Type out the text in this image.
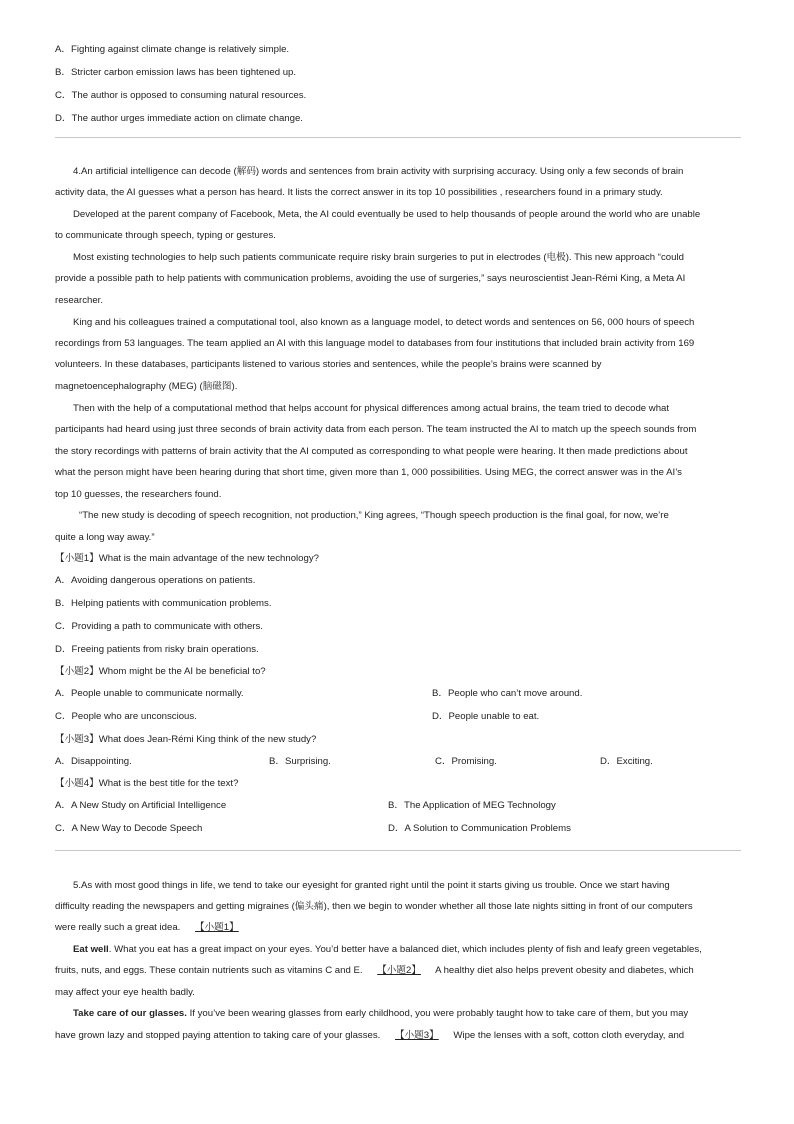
A．Fighting against climate change is relatively simple.
B．Stricter carbon emission laws has been tightened up.
C．The author is opposed to consuming natural resources.
D．The author urges immediate action on climate change.
4.An artificial intelligence can decode (解码) words and sentences from brain activity with surprising accuracy. Using only a few seconds of brain
activity data, the AI guesses what a person has heard. It lists the correct answer in its top 10 possibilities , researchers found in a primary study.
Developed at the parent company of Facebook, Meta, the AI could eventually be used to help thousands of people around the world who are unable
to communicate through speech, typing or gestures.
Most existing technologies to help such patients communicate require risky brain surgeries to put in electrodes (电极). This new approach “could
provide a possible path to help patients with communication problems, avoiding the use of surgeries,” says neuroscientist Jean-Rémi King, a Meta AI
researcher.
King and his colleagues trained a computational tool, also known as a language model, to detect words and sentences on 56, 000 hours of speech
recordings from 53 languages. The team applied an AI with this language model to databases from four institutions that included brain activity from 169
volunteers. In these databases, participants listened to various stories and sentences, while the people’s brains were scanned by
magnetoencephalography (MEG) (脑磁图).
Then with the help of a computational method that helps account for physical differences among actual brains, the team tried to decode what
participants had heard using just three seconds of brain activity data from each person. The team instructed the AI to match up the speech sounds from
the story recordings with patterns of brain activity that the AI computed as corresponding to what people were hearing. It then made predictions about
what the person might have been hearing during that short time, given more than 1, 000 possibilities. Using MEG, the correct answer was in the AI’s
top 10 guesses, the researchers found.
“The new study is decoding of speech recognition, not production,” King agrees, “Though speech production is the final goal, for now, we’re
quite a long way away.”
【小题1】What is the main advantage of the new technology?
A．Avoiding dangerous operations on patients.
B．Helping patients with communication problems.
C．Providing a path to communicate with others.
D．Freeing patients from risky brain operations.
【小题2】Whom might be the AI be beneficial to?
A．People unable to communicate normally.	B．People who can’t move around.
C．People who are unconscious.	D．People unable to eat.
【小题3】What does Jean-Rémi King think of the new study?
A．Disappointing.	B．Surprising.	C．Promising.	D．Exciting.
【小题4】What is the best title for the text?
A．A New Study on Artificial Intelligence	B．The Application of MEG Technology
C．A New Way to Decode Speech	D．A Solution to Communication Problems
5.As with most good things in life, we tend to take our eyesight for granted right until the point it starts giving us trouble. Once we start having
difficulty reading the newspapers and getting migraines (偏头痛), then we begin to wonder whether all those late nights sitting in front of our computers
were really such a great idea. 【小题1】
Eat well. What you eat has a great impact on your eyes. You’d better have a balanced diet, which includes plenty of fish and leafy green vegetables,
fruits, nuts, and eggs. These contain nutrients such as vitamins C and E. 【小题2】 A healthy diet also helps prevent obesity and diabetes, which
may affect your eye health badly.
Take care of our glasses. If you’ve been wearing glasses from early childhood, you were probably taught how to take care of them, but you may
have grown lazy and stopped paying attention to taking care of your glasses. 【小题3】 Wipe the lenses with a soft, cotton cloth everyday, and
